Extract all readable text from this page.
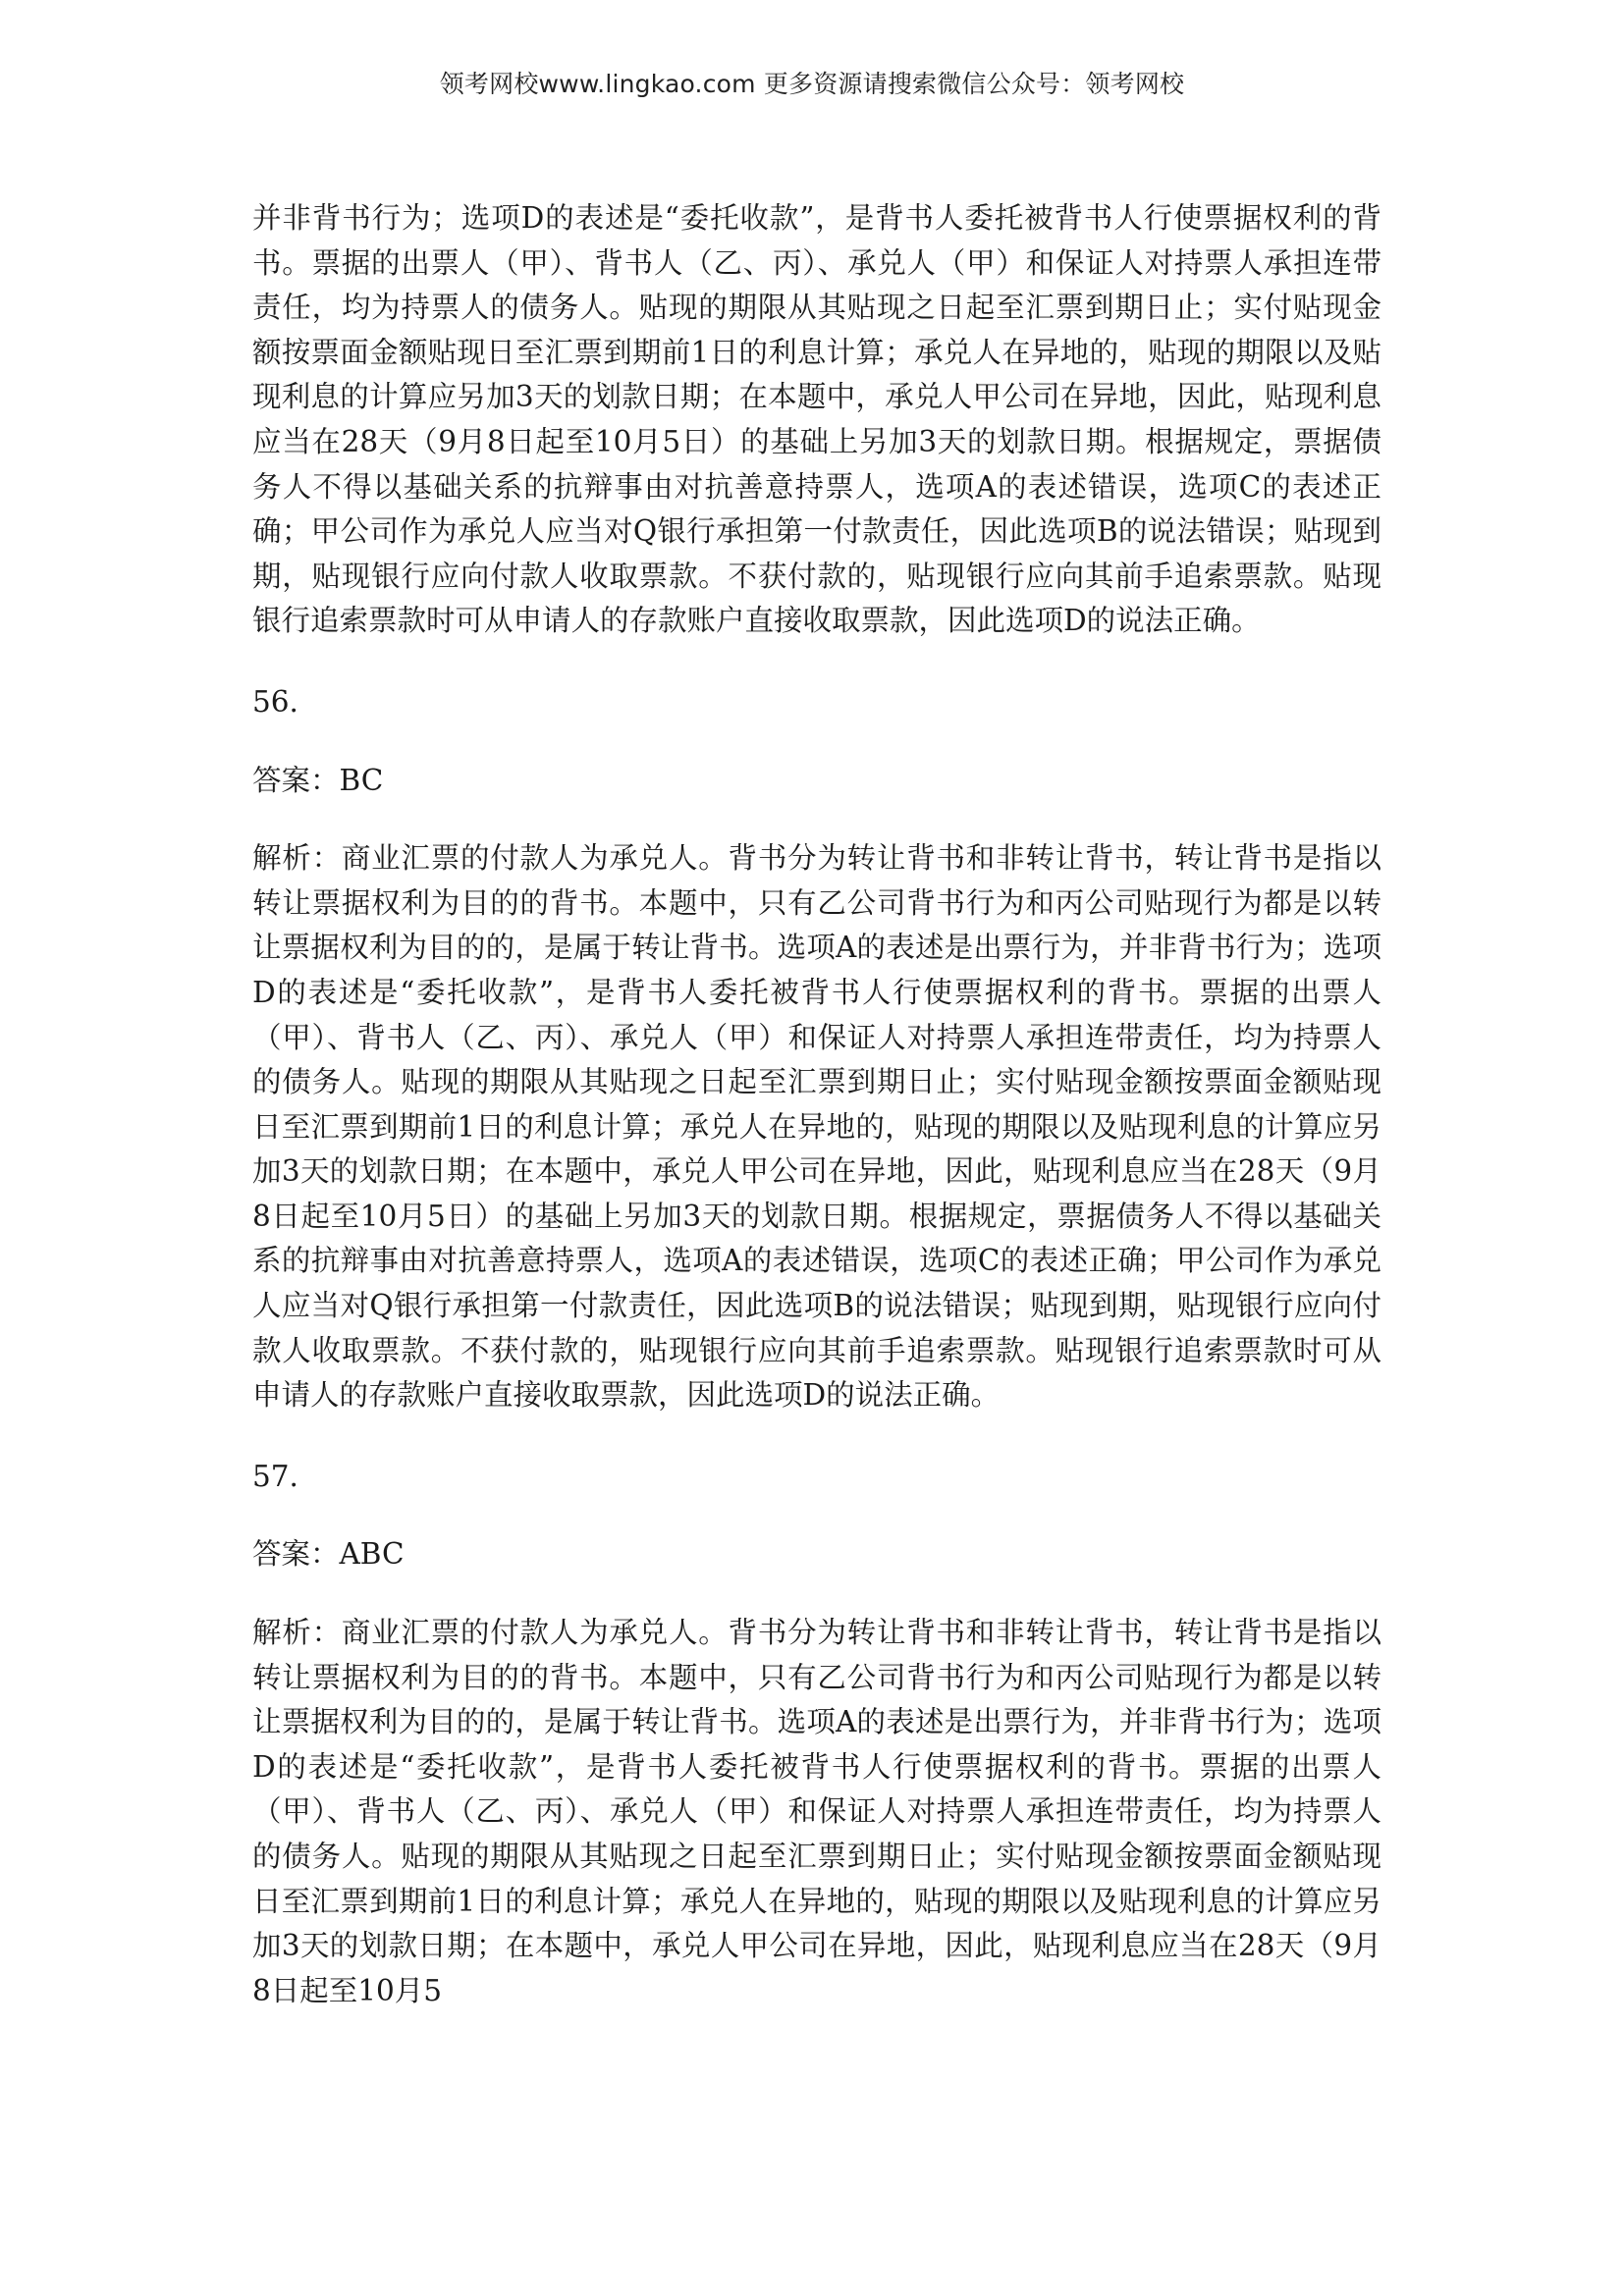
领考网校www.lingkao.com 更多资源请搜索微信公众号：领考网校

并非背书行为；选项D的表述是“委托收款”，是背书人委托被背书人行使票据权利的背书。票据的出票人（甲）、背书人（乙、丙）、承兑人（甲）和保证人对持票人承担连带责任，均为持票人的债务人。贴现的期限从其贴现之日起至汇票到期日止；实付贴现金额按票面金额贴现日至汇票到期前1日的利息计算；承兑人在异地的，贴现的期限以及贴现利息的计算应另加3天的划款日期；在本题中，承兑人甲公司在异地，因此，贴现利息应当在28天（9月8日起至10月5日）的基础上另加3天的划款日期。根据规定，票据债务人不得以基础关系的抗辩事由对抗善意持票人，选项A的表述错误，选项C的表述正确；甲公司作为承兑人应当对Q银行承担第一付款责任，因此选项B的说法错误；贴现到期，贴现银行应向付款人收取票款。不获付款的，贴现银行应向其前手追索票款。贴现银行追索票款时可从申请人的存款账户直接收取票款，因此选项D的说法正确。

56.

答案：BC

解析：商业汇票的付款人为承兑人。背书分为转让背书和非转让背书，转让背书是指以转让票据权利为目的的背书。本题中，只有乙公司背书行为和丙公司贴现行为都是以转让票据权利为目的的，是属于转让背书。选项A的表述是出票行为，并非背书行为；选项D的表述是“委托收款”，是背书人委托被背书人行使票据权利的背书。票据的出票人（甲）、背书人（乙、丙）、承兑人（甲）和保证人对持票人承担连带责任，均为持票人的债务人。贴现的期限从其贴现之日起至汇票到期日止；实付贴现金额按票面金额贴现日至汇票到期前1日的利息计算；承兑人在异地的，贴现的期限以及贴现利息的计算应另加3天的划款日期；在本题中，承兑人甲公司在异地，因此，贴现利息应当在28天（9月8日起至10月5日）的基础上另加3天的划款日期。根据规定，票据债务人不得以基础关系的抗辩事由对抗善意持票人，选项A的表述错误，选项C的表述正确；甲公司作为承兑人应当对Q银行承担第一付款责任，因此选项B的说法错误；贴现到期，贴现银行应向付款人收取票款。不获付款的，贴现银行应向其前手追索票款。贴现银行追索票款时可从申请人的存款账户直接收取票款，因此选项D的说法正确。

57.

答案：ABC

解析：商业汇票的付款人为承兑人。背书分为转让背书和非转让背书，转让背书是指以转让票据权利为目的的背书。本题中，只有乙公司背书行为和丙公司贴现行为都是以转让票据权利为目的的，是属于转让背书。选项A的表述是出票行为，并非背书行为；选项D的表述是“委托收款”，是背书人委托被背书人行使票据权利的背书。票据的出票人（甲）、背书人（乙、丙）、承兑人（甲）和保证人对持票人承担连带责任，均为持票人的债务人。贴现的期限从其贴现之日起至汇票到期日止；实付贴现金额按票面金额贴现日至汇票到期前1日的利息计算；承兑人在异地的，贴现的期限以及贴现利息的计算应另加3天的划款日期；在本题中，承兑人甲公司在异地，因此，贴现利息应当在28天（9月8日起至10月5
